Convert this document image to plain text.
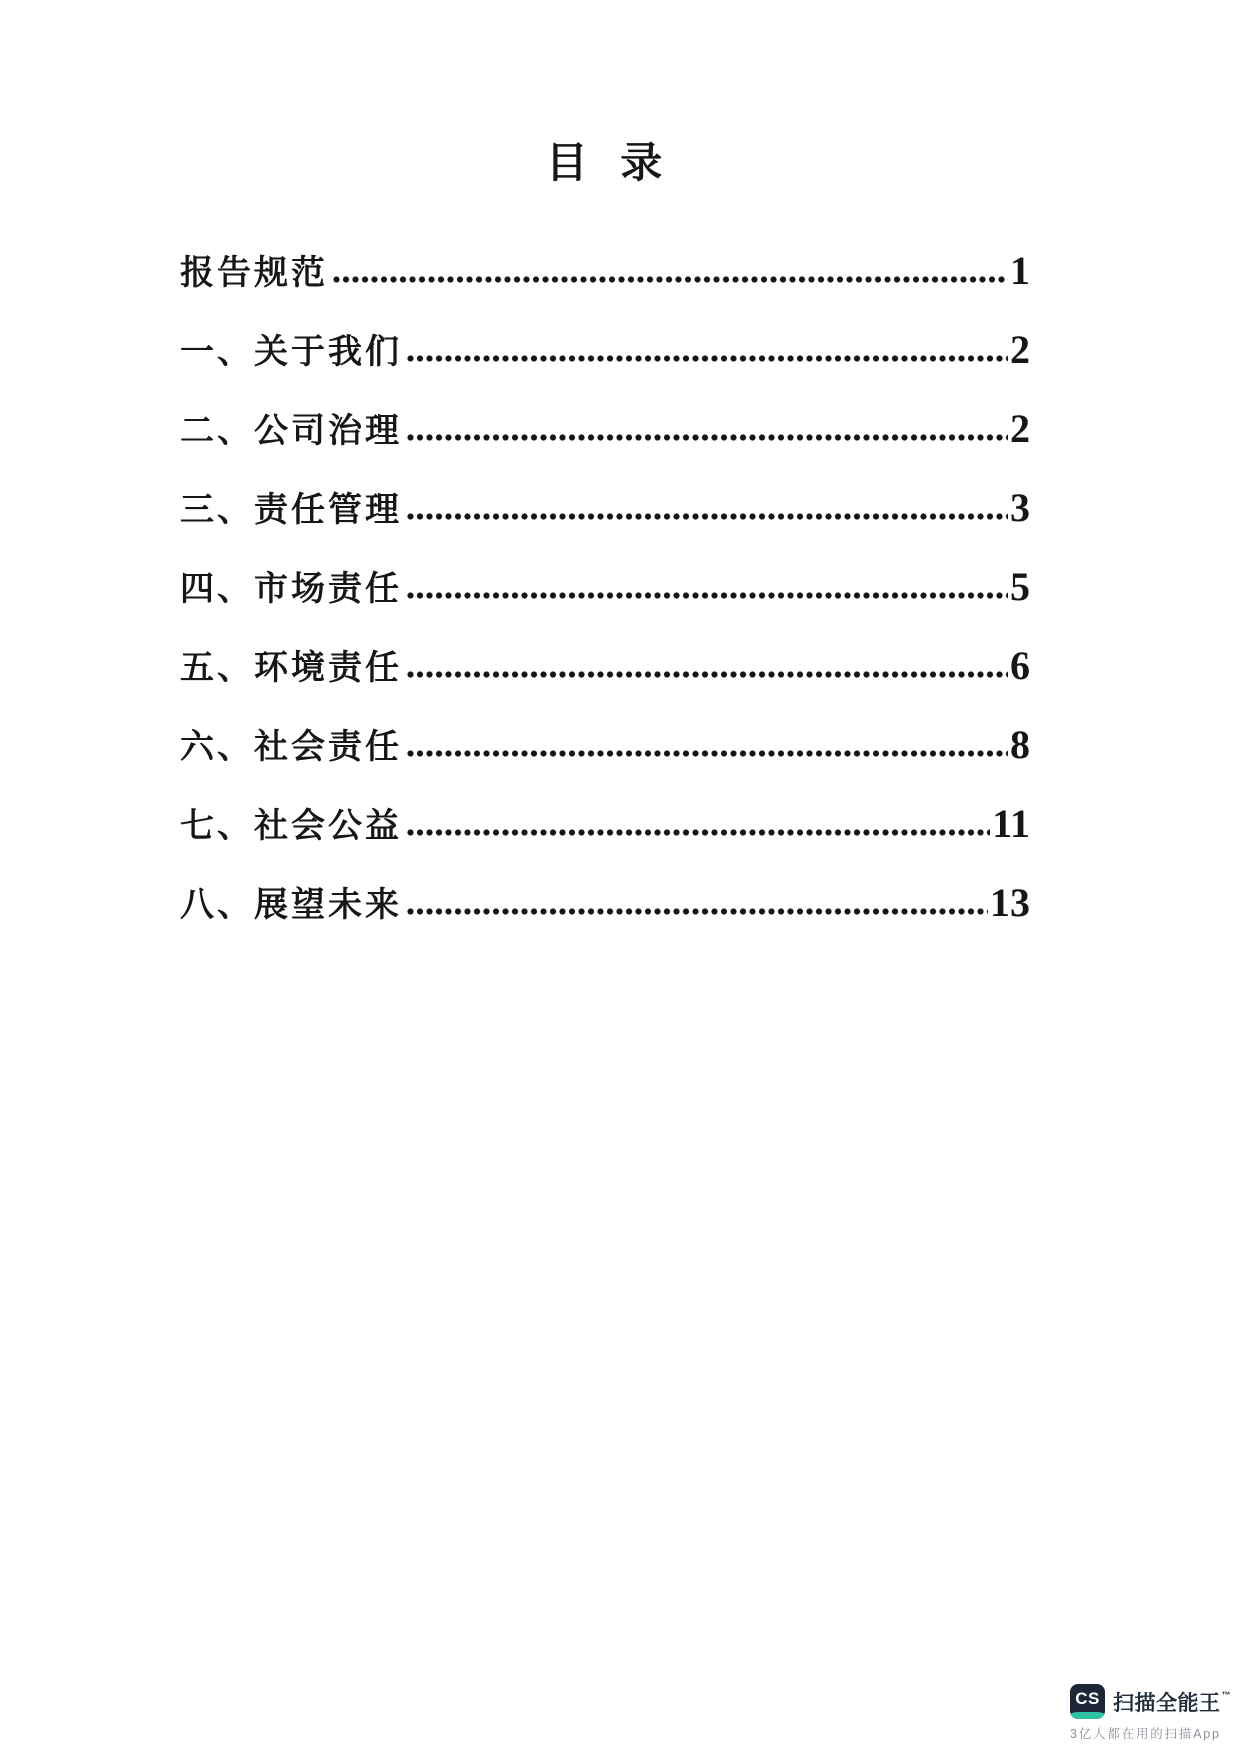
目 录
报告规范	1
一、关于我们	2
二、公司治理	2
三、责任管理	3
四、市场责任	5
五、环境责任	6
六、社会责任	8
七、社会公益	11
八、展望未来	13
CS 扫描全能王™
3亿人都在用的扫描App
